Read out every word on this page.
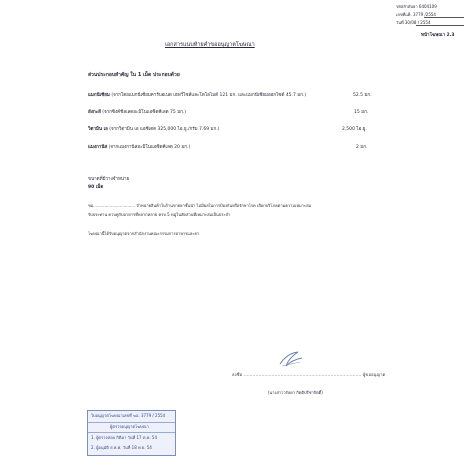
รหัสลำดับยา 6404109
เลขที่แค็. 3779 /2554
วันที่ 30/08 / 2554
หน้าโฆษณา 2.3
เอกสารแนบท้ายคำขออนุญาตโฆษณา
ส่วนประกอบสำคัญ ใน 1 เม็ด ประกอบด้วย
แมกนีเซียม (จากโดยแมกนีเซียมคาร์บอเนต เฮฟวี่ไซส์และโดโลไมต์ 121 มก. และแมกนีเซียมออกไซด์ 45.7 มก.)	52.5 มก.
สังกะสี (จากซิงค์ชีลเลตอะมิโนแอซิดคีเลต 75 มก.)	15 มก.
วิตามิน เอ (จากวิตามิน เอ แอซีเตต 325,000 ไอ.ยู./กรัม 7.69 มก.)	2,500 ไอ.ยู.
แมงกานีส (จากแมงกานีสอะมิโนแอซิดคีเลต 20 มก.)	2 มก.
ขนาดที่มีวางจำหน่าย
90 เม็ด
ขอ................................. จำหน่ายสินค้าในร้านขายยาชั้นนำ ไม่มีผลในการป้องกันหรือรักษาโรค เลือกบริโภคตามความเหมาะสม
รับประทาน ควบคู่กับอาหารที่หลากหลาย ครบ 5 หมู่ในสัดส่วนที่เหมาะสมเป็นประจำ
โฆษณานี้ได้รับอนุญาตจากสำนักงานคณะกรรมการอาหารและยา
ลงชื่อ ................................................................................ ผู้ขออนุญาต
(นางสาววรัลดา กิตติปรีชากิตติ์)
ใบอนุญาตโฆษณาเลขที่ ฆอ. 3779 / 2554
ผู้ตรวจอนุญาตโฆษณา
1. ผู้ตรวจสอบ กิติมา วันที่ 17 ต.ค. 54
2. ผู้อนุมัติ ส.พ.ศ. วันที่ 18 พ.ย. 54
